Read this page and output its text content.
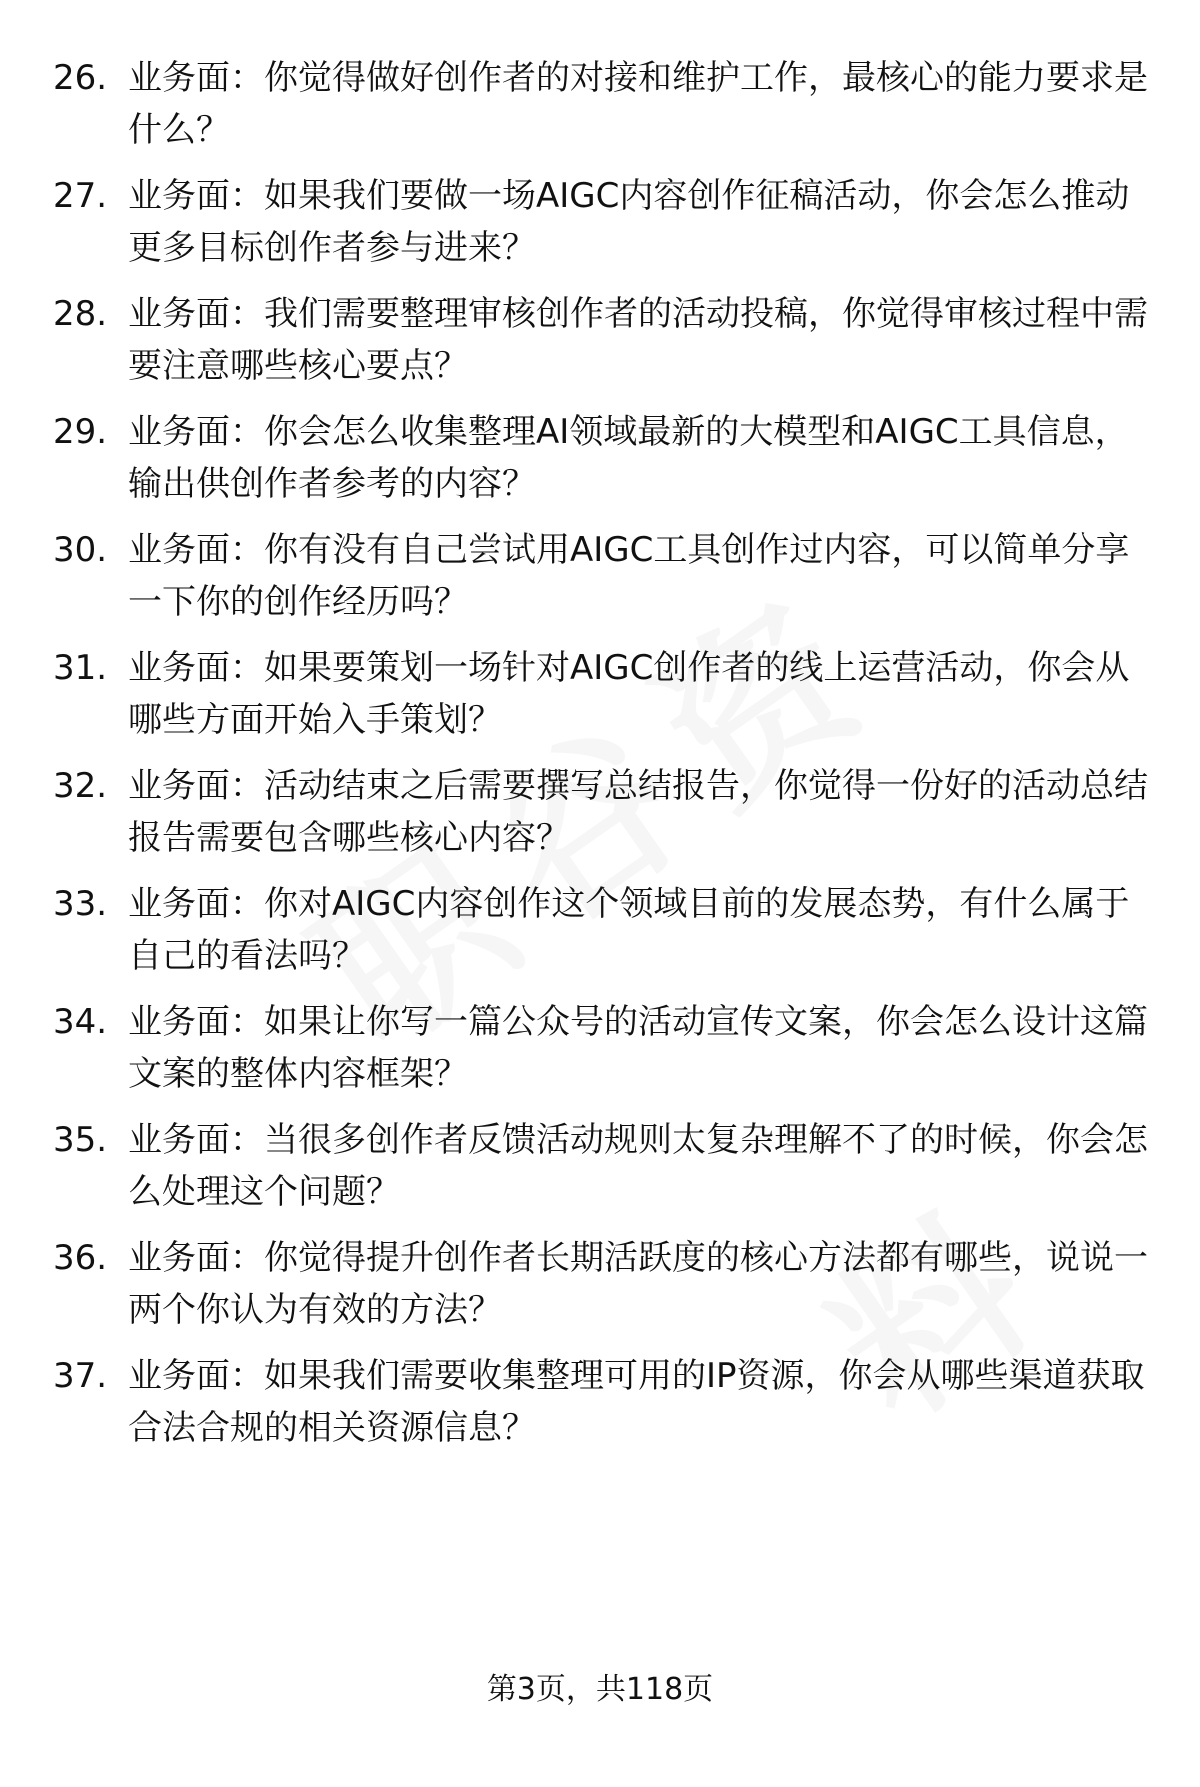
26. 业务面：你觉得做好创作者的对接和维护工作，最核心的能力要求是什么？
27. 业务面：如果我们要做一场AIGC内容创作征稿活动，你会怎么推动更多目标创作者参与进来？
28. 业务面：我们需要整理审核创作者的活动投稿，你觉得审核过程中需要注意哪些核心要点？
29. 业务面：你会怎么收集整理AI领域最新的大模型和AIGC工具信息，输出供创作者参考的内容？
30. 业务面：你有没有自己尝试用AIGC工具创作过内容，可以简单分享一下你的创作经历吗？
31. 业务面：如果要策划一场针对AIGC创作者的线上运营活动，你会从哪些方面开始入手策划？
32. 业务面：活动结束之后需要撰写总结报告，你觉得一份好的活动总结报告需要包含哪些核心内容？
33. 业务面：你对AIGC内容创作这个领域目前的发展态势，有什么属于自己的看法吗？
34. 业务面：如果让你写一篇公众号的活动宣传文案，你会怎么设计这篇文案的整体内容框架？
35. 业务面：当很多创作者反馈活动规则太复杂理解不了的时候，你会怎么处理这个问题？
36. 业务面：你觉得提升创作者长期活跃度的核心方法都有哪些，说说一两个你认为有效的方法？
37. 业务面：如果我们需要收集整理可用的IP资源，你会从哪些渠道获取合法合规的相关资源信息？
第3页，共118页
